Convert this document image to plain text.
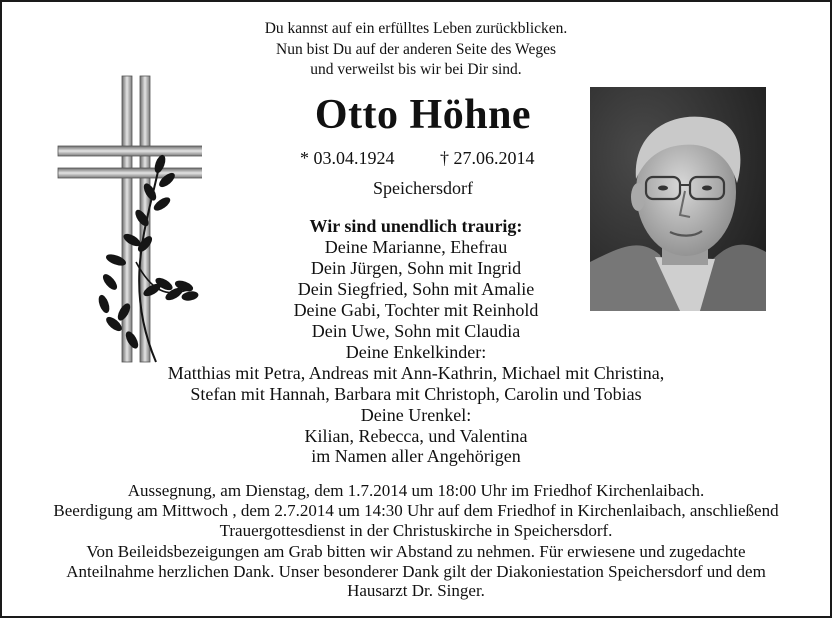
Du kannst auf ein erfülltes Leben zurückblicken.
Nun bist Du auf der anderen Seite des Weges
und verweilst bis wir bei Dir sind.
Otto Höhne
* 03.04.1924	† 27.06.2014
Speichersdorf
Wir sind unendlich traurig:
Deine Marianne, Ehefrau
Dein Jürgen, Sohn mit Ingrid
Dein Siegfried, Sohn mit Amalie
Deine Gabi, Tochter mit Reinhold
Dein Uwe, Sohn mit Claudia
Deine Enkelkinder:
Matthias mit Petra, Andreas mit Ann-Kathrin, Michael mit Christina,
Stefan mit Hannah, Barbara mit Christoph, Carolin und Tobias
Deine Urenkel:
Kilian, Rebecca, und Valentina
im Namen aller Angehörigen
Aussegnung, am Dienstag, dem 1.7.2014 um 18:00 Uhr im Friedhof Kirchenlaibach.
Beerdigung am Mittwoch , dem 2.7.2014 um 14:30 Uhr auf dem Friedhof in Kirchenlaibach, anschließend
Trauergottesdienst in der Christuskirche in Speichersdorf.
Von Beileidsbezeigungen am Grab bitten wir Abstand zu nehmen. Für erwiesene und zugedachte
Anteilnahme herzlichen Dank. Unser besonderer Dank gilt der Diakoniestation Speichersdorf und dem
Hausarzt Dr. Singer.
